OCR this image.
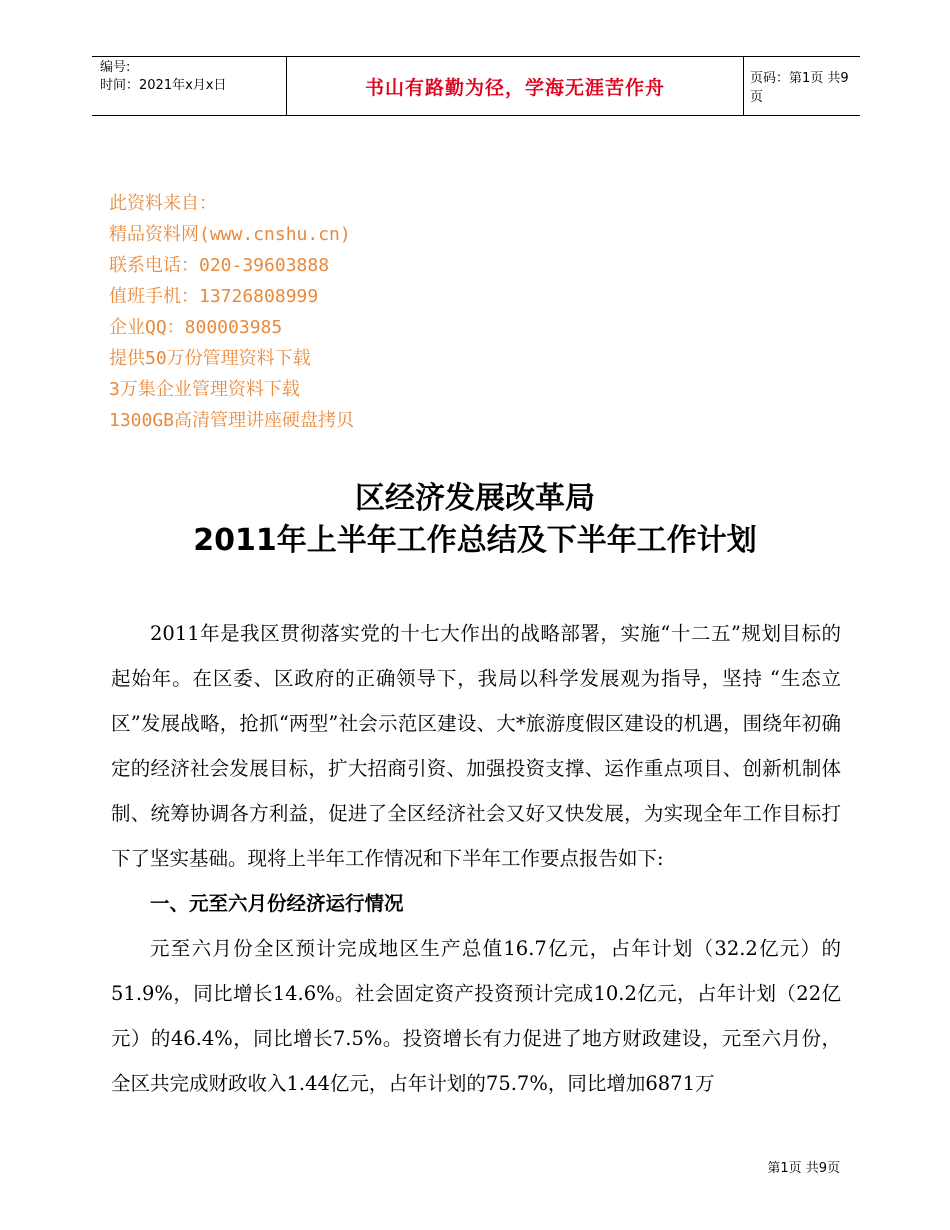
编号:
时间：2021年x月x日	书山有路勤为径，学海无涯苦作舟	页码：第1页 共9页
此资料来自：
精品资料网(www.cnshu.cn)
联系电话：020-39603888
值班手机：13726808999
企业QQ：800003985
提供50万份管理资料下载
3万集企业管理资料下载
1300GB高清管理讲座硬盘拷贝
区经济发展改革局
2011年上半年工作总结及下半年工作计划

2011年是我区贯彻落实党的十七大作出的战略部署，实施“十二五”规划目标的起始年。在区委、区政府的正确领导下，我局以科学发展观为指导，坚持 “生态立区”发展战略，抢抓“两型”社会示范区建设、大*旅游度假区建设的机遇，围绕年初确定的经济社会发展目标，扩大招商引资、加强投资支撑、运作重点项目、创新机制体制、统筹协调各方利益，促进了全区经济社会又好又快发展，为实现全年工作目标打下了坚实基础。现将上半年工作情况和下半年工作要点报告如下:

一、元至六月份经济运行情况

元至六月份全区预计完成地区生产总值16.7亿元，占年计划（32.2亿元）的51.9%，同比增长14.6%。社会固定资产投资预计完成10.2亿元，占年计划（22亿元）的46.4%，同比增长7.5%。投资增长有力促进了地方财政建设，元至六月份，全区共完成财政收入1.44亿元，占年计划的75.7%，同比增加6871万

第1页 共9页
